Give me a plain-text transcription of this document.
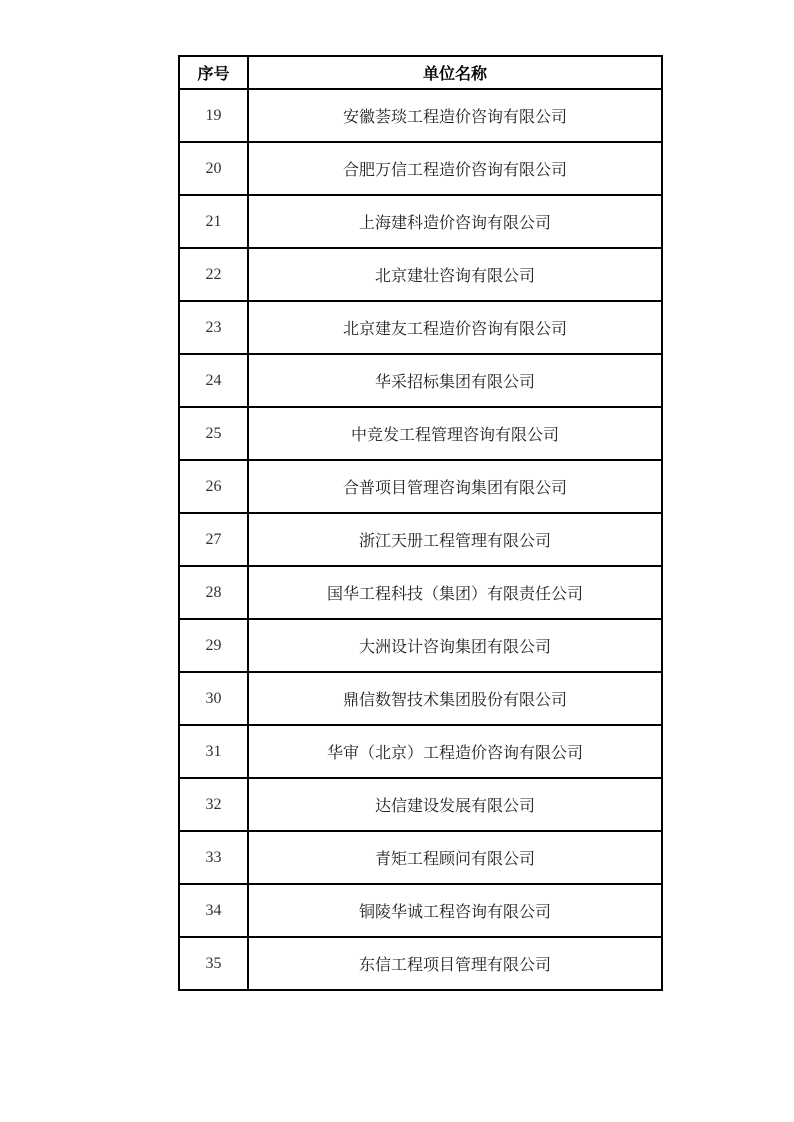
序号	单位名称
19	安徽荟琰工程造价咨询有限公司
20	合肥万信工程造价咨询有限公司
21	上海建科造价咨询有限公司
22	北京建壮咨询有限公司
23	北京建友工程造价咨询有限公司
24	华采招标集团有限公司
25	中竞发工程管理咨询有限公司
26	合普项目管理咨询集团有限公司
27	浙江天册工程管理有限公司
28	国华工程科技（集团）有限责任公司
29	大洲设计咨询集团有限公司
30	鼎信数智技术集团股份有限公司
31	华审（北京）工程造价咨询有限公司
32	达信建设发展有限公司
33	青矩工程顾问有限公司
34	铜陵华诚工程咨询有限公司
35	东信工程项目管理有限公司
